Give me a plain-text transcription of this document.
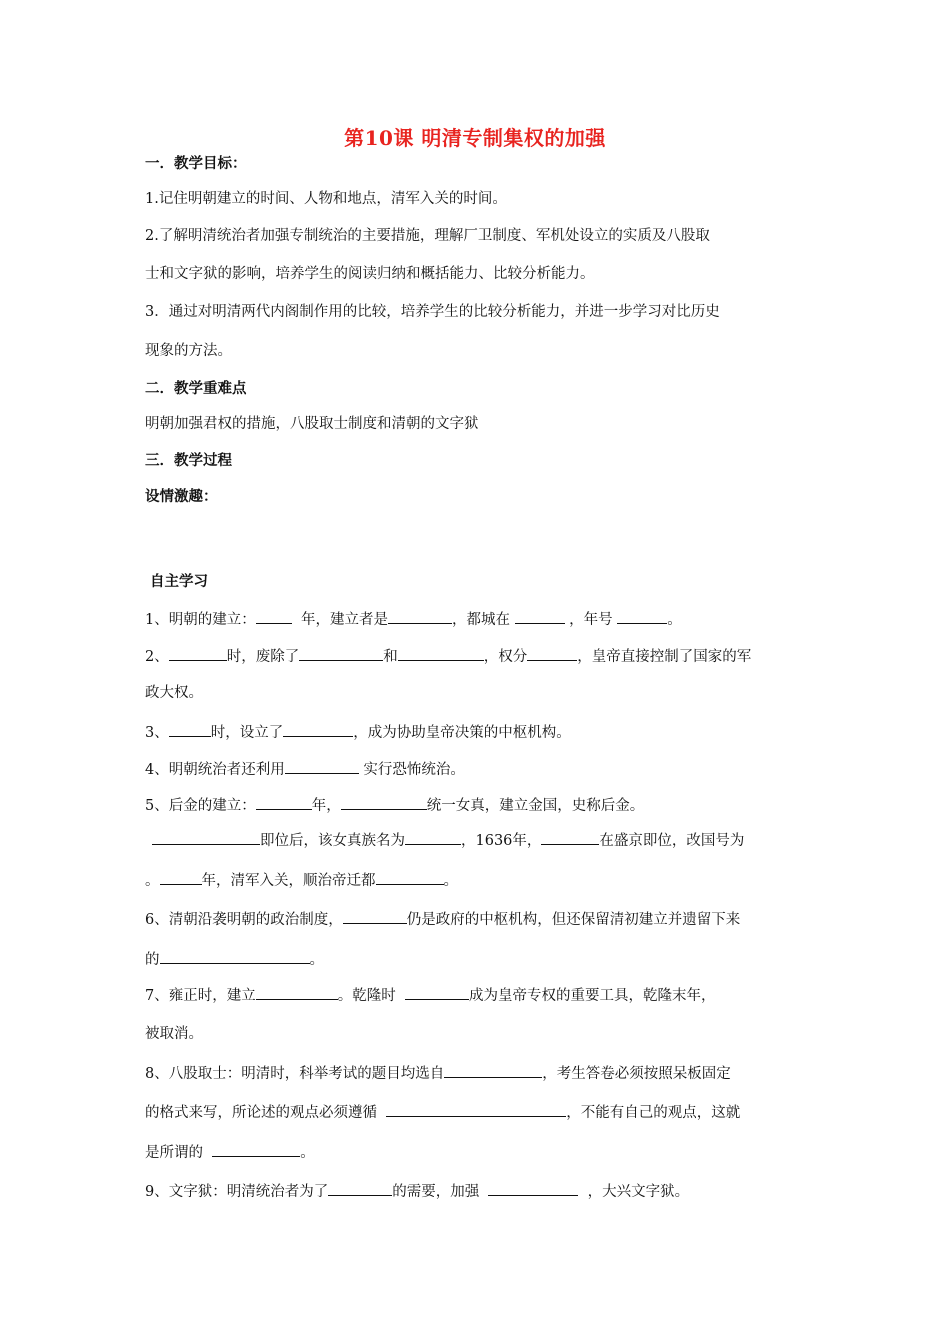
第10课 明清专制集权的加强
一．教学目标：
1.记住明朝建立的时间、人物和地点，清军入关的时间。
2.了解明清统治者加强专制统治的主要措施，理解厂卫制度、军机处设立的实质及八股取
士和文字狱的影响，培养学生的阅读归纳和概括能力、比较分析能力。
3．通过对明清两代内阁制作用的比较，培养学生的比较分析能力，并进一步学习对比历史
现象的方法。
二．教学重难点
明朝加强君权的措施，八股取士制度和清朝的文字狱
三．教学过程
设情激趣：
自主学习
1、明朝的建立：	年，建立者是	，都城在	，年号	。
2、	时，废除了	和	，权分	，皇帝直接控制了国家的军
政大权。
3、	时，设立了	，成为协助皇帝决策的中枢机构。
4、明朝统治者还利用	实行恐怖统治。
5、后金的建立：	年，	统一女真，建立金国，史称后金。
即位后，该女真族名为	，1636年，	在盛京即位，改国号为
。	年，清军入关，顺治帝迁都	。
6、清朝沿袭明朝的政治制度，	仍是政府的中枢机构，但还保留清初建立并遗留下来
的	。
7、雍正时，建立	。乾隆时	成为皇帝专权的重要工具，乾隆末年，
被取消。
8、八股取士：明清时，科举考试的题目均选自	，考生答卷必须按照呆板固定
的格式来写，所论述的观点必须遵循	，不能有自己的观点，这就
是所谓的	。
9、文字狱：明清统治者为了	的需要，加强	，大兴文字狱。
